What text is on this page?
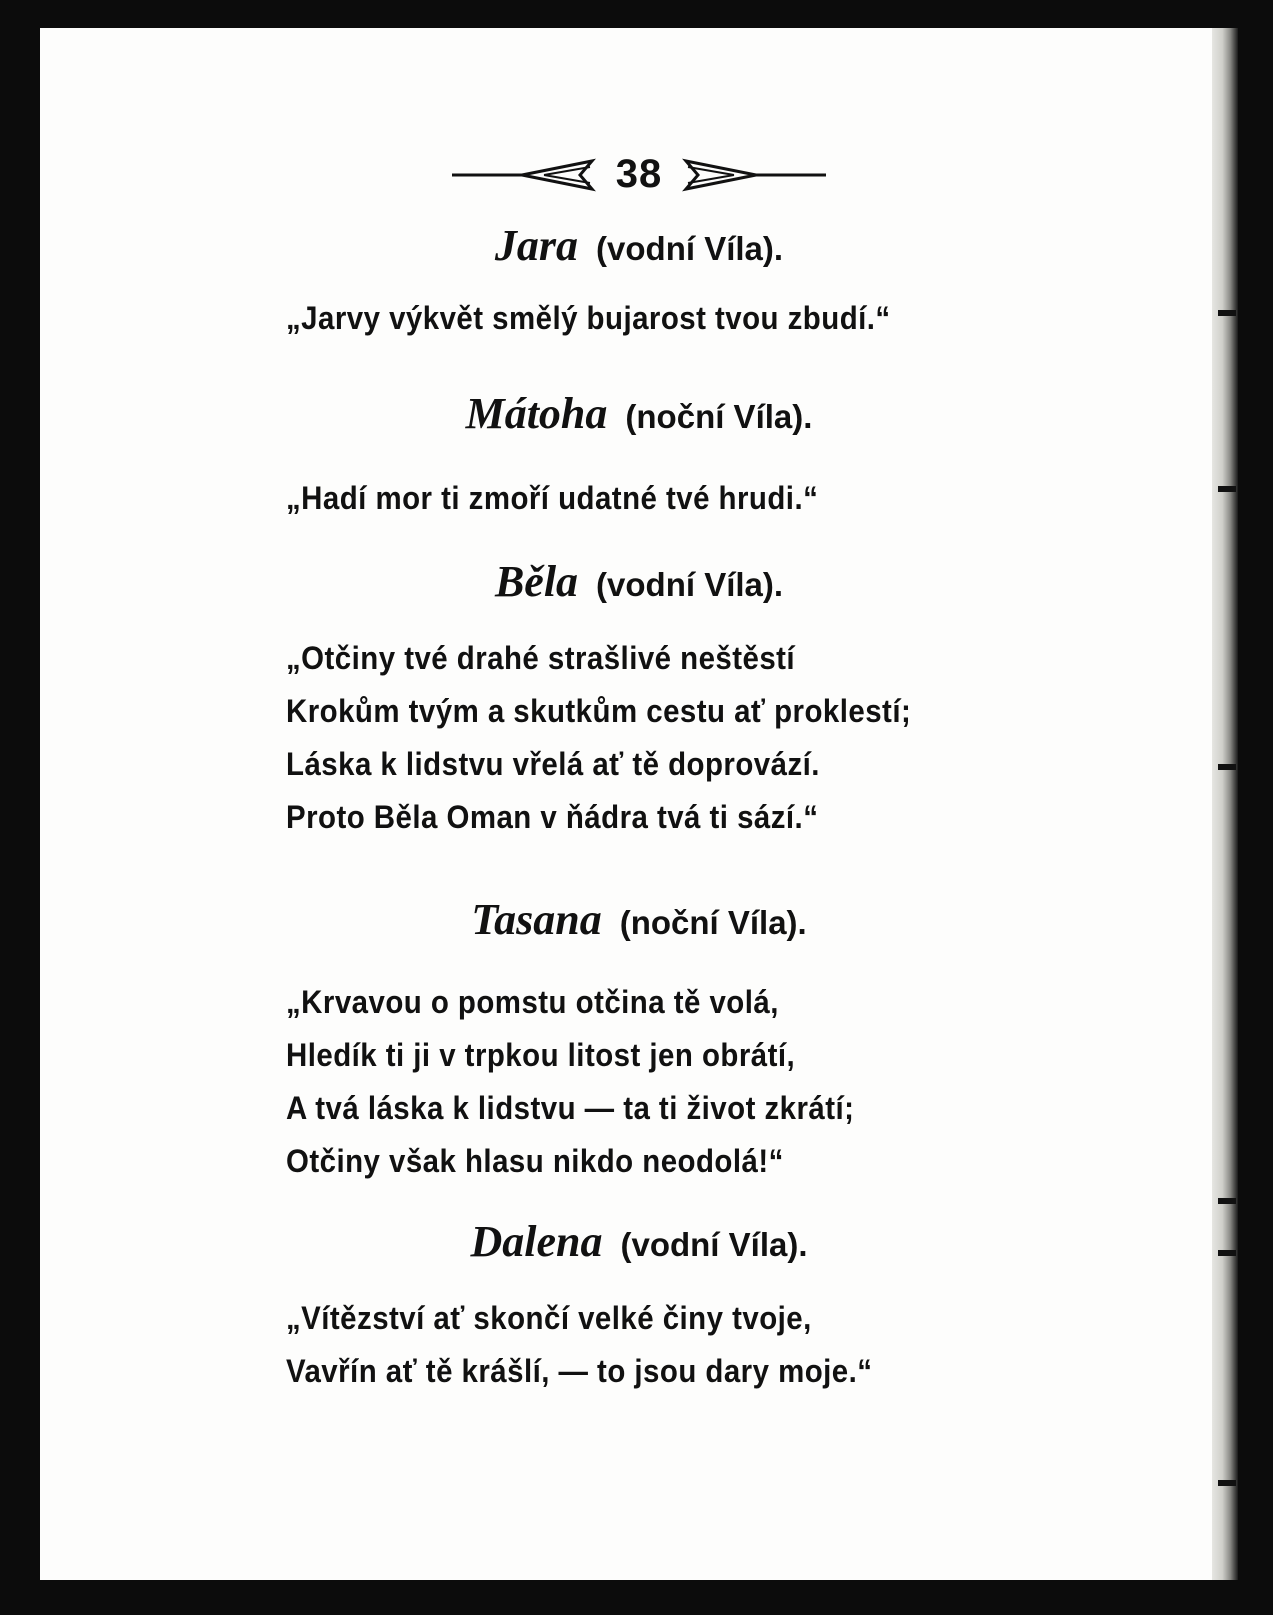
38
Jara (vodní Víla).
„Jarvy výkvět smělý bujarost tvou zbudí.“
Mátoha (noční Víla).
„Hadí mor ti zmoří udatné tvé hrudi.“
Běla (vodní Víla).
„Otčiny tvé drahé strašlivé neštěstí
Krokům tvým a skutkům cestu ať proklestí;
Láska k lidstvu vřelá ať tě doprovází.
Proto Běla Oman v ňádra tvá ti sází.“
Tasana (noční Víla).
„Krvavou o pomstu otčina tě volá,
Hledík ti ji v trpkou litost jen obrátí,
A tvá láska k lidstvu — ta ti život zkrátí;
Otčiny však hlasu nikdo neodolá!“
Dalena (vodní Víla).
„Vítězství ať skončí velké činy tvoje,
Vavřín ať tě krášlí, — to jsou dary moje.“
